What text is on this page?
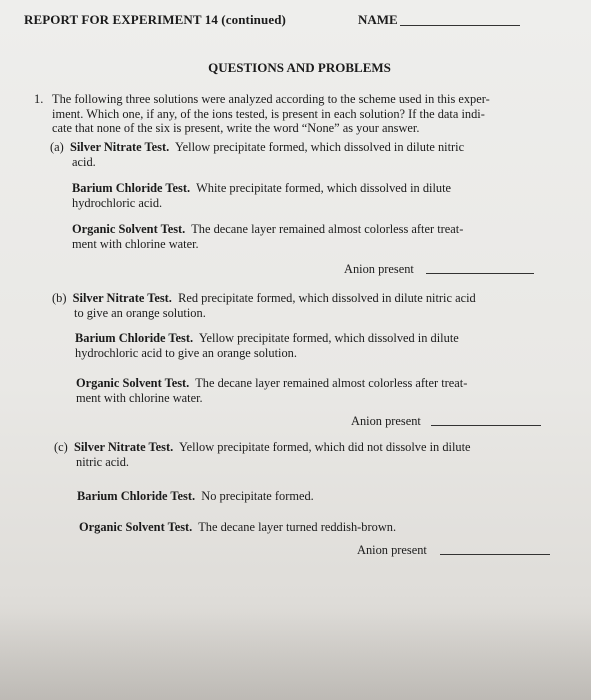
REPORT FOR EXPERIMENT 14 (continued)	NAME
QUESTIONS AND PROBLEMS
1. The following three solutions were analyzed according to the scheme used in this exper-
iment. Which one, if any, of the ions tested, is present in each solution? If the data indi-
cate that none of the six is present, write the word “None” as your answer.
(a) Silver Nitrate Test. Yellow precipitate formed, which dissolved in dilute nitric
acid.
Barium Chloride Test. White precipitate formed, which dissolved in dilute
hydrochloric acid.
Organic Solvent Test. The decane layer remained almost colorless after treat-
ment with chlorine water.
Anion present
(b) Silver Nitrate Test. Red precipitate formed, which dissolved in dilute nitric acid
to give an orange solution.
Barium Chloride Test. Yellow precipitate formed, which dissolved in dilute
hydrochloric acid to give an orange solution.
Organic Solvent Test. The decane layer remained almost colorless after treat-
ment with chlorine water.
Anion present
(c) Silver Nitrate Test. Yellow precipitate formed, which did not dissolve in dilute
nitric acid.
Barium Chloride Test. No precipitate formed.
Organic Solvent Test. The decane layer turned reddish-brown.
Anion present
